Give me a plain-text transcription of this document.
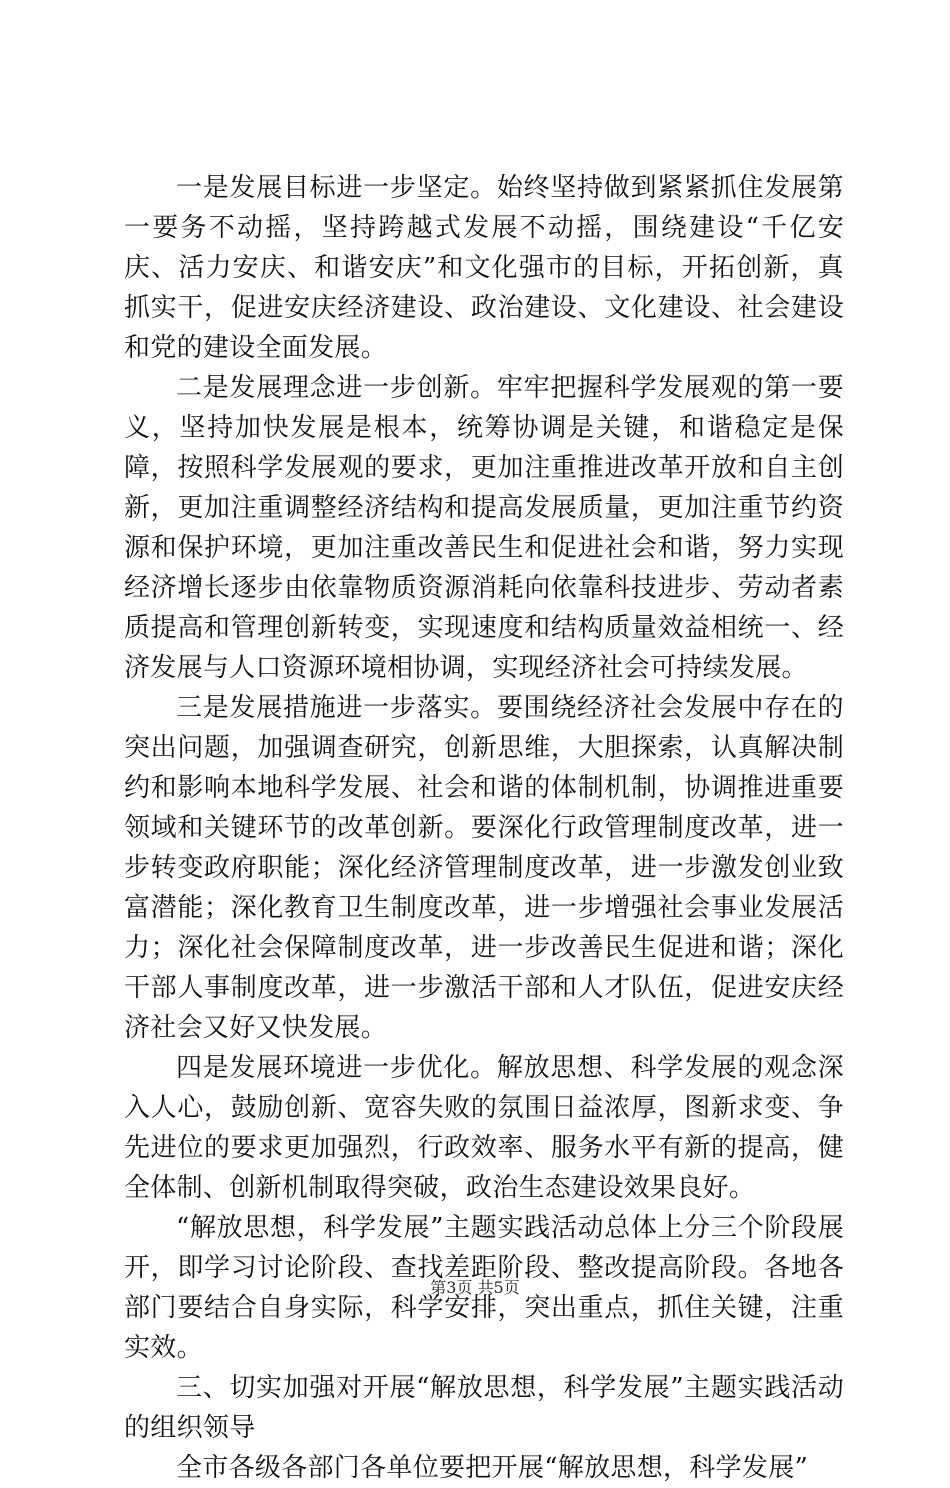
一是发展目标进一步坚定。始终坚持做到紧紧抓住发展第一要务不动摇，坚持跨越式发展不动摇，围绕建设“千亿安庆、活力安庆、和谐安庆”和文化强市的目标，开拓创新，真抓实干，促进安庆经济建设、政治建设、文化建设、社会建设和党的建设全面发展。

二是发展理念进一步创新。牢牢把握科学发展观的第一要义，坚持加快发展是根本，统筹协调是关键，和谐稳定是保障，按照科学发展观的要求，更加注重推进改革开放和自主创新，更加注重调整经济结构和提高发展质量，更加注重节约资源和保护环境，更加注重改善民生和促进社会和谐，努力实现经济增长逐步由依靠物质资源消耗向依靠科技进步、劳动者素质提高和管理创新转变，实现速度和结构质量效益相统一、经济发展与人口资源环境相协调，实现经济社会可持续发展。

三是发展措施进一步落实。要围绕经济社会发展中存在的突出问题，加强调查研究，创新思维，大胆探索，认真解决制约和影响本地科学发展、社会和谐的体制机制，协调推进重要领域和关键环节的改革创新。要深化行政管理制度改革，进一步转变政府职能；深化经济管理制度改革，进一步激发创业致富潜能；深化教育卫生制度改革，进一步增强社会事业发展活力；深化社会保障制度改革，进一步改善民生促进和谐；深化干部人事制度改革，进一步激活干部和人才队伍，促进安庆经济社会又好又快发展。

四是发展环境进一步优化。解放思想、科学发展的观念深入人心，鼓励创新、宽容失败的氛围日益浓厚，图新求变、争先进位的要求更加强烈，行政效率、服务水平有新的提高，健全体制、创新机制取得突破，政治生态建设效果良好。

“解放思想，科学发展”主题实践活动总体上分三个阶段展开，即学习讨论阶段、查找差距阶段、整改提高阶段。各地各部门要结合自身实际，科学安排，突出重点，抓住关键，注重实效。

三、切实加强对开展“解放思想，科学发展”主题实践活动的组织领导

全市各级各部门各单位要把开展“解放思想，科学发展”

第3页 共5页
